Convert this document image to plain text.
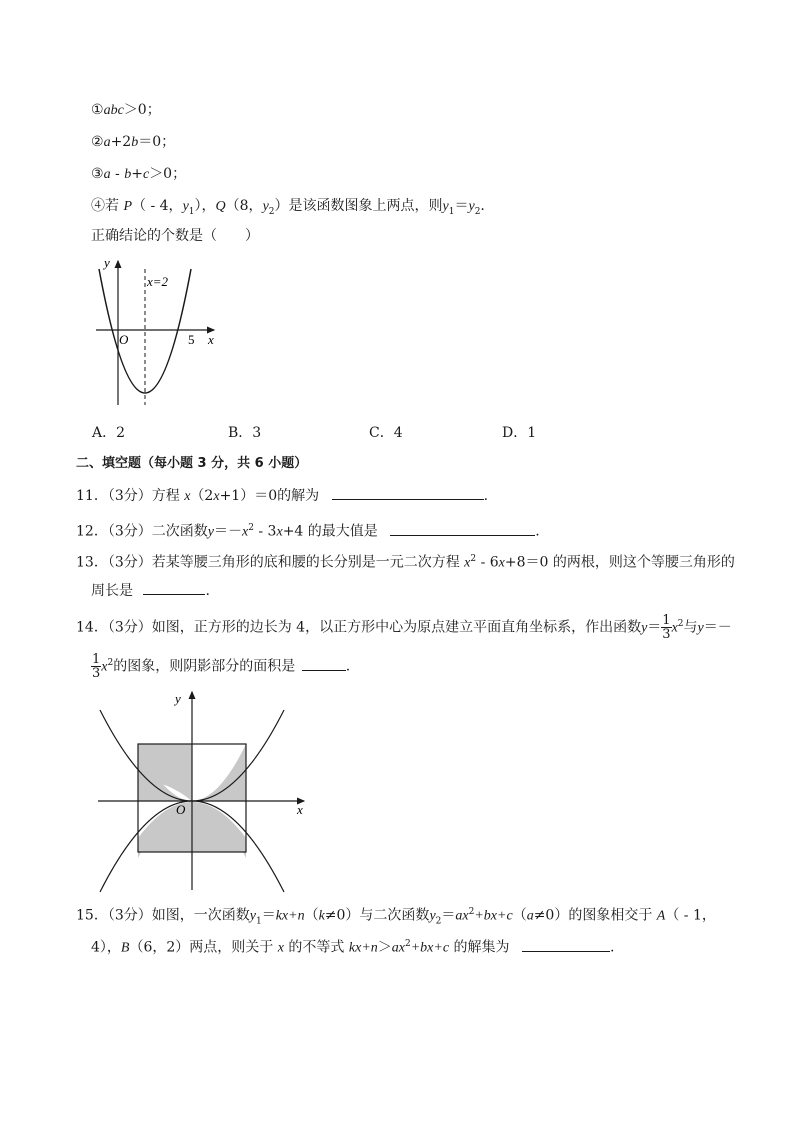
①abc＞0；
②a+2b＝0；
③a - b+c＞0；
④若 P（ - 4，$y_1$），Q（8，$y_2$）是该函数图象上两点，则$y_1=y_2$.
正确结论的个数是（　　）
y
x
O
x=2
5
A．2	B．3	C．4	D．1
二、填空题（每小题 3 分，共 6 小题）
11．（3分）方程 x（2x+1）＝0的解为	.
12．（3分）二次函数$y=-x^2 - 3x+4$ 的最大值是	.
13．（3分）若某等腰三角形的底和腰的长分别是一元二次方程 $x^2 - 6x+8=0$ 的两根，则这个等腰三角形的
周长是	.
14．（3分）如图，正方形的边长为 4，以正方形中心为原点建立平面直角坐标系，作出函数$y= \frac{1}{3} x^2$与y＝－
$\frac{1}{3} x^2$的图象，则阴影部分的面积是	.
y
x
O
15．（3分）如图，一次函数$y_1=kx+n(k\ne 0)$与二次函数$y_2=ax^2+bx+c(a\ne 0)$的图象相交于 A（ - 1，
4），B（6，2）两点，则关于 x 的不等式 $kx+n>ax^2+bx+c$ 的解集为	.
